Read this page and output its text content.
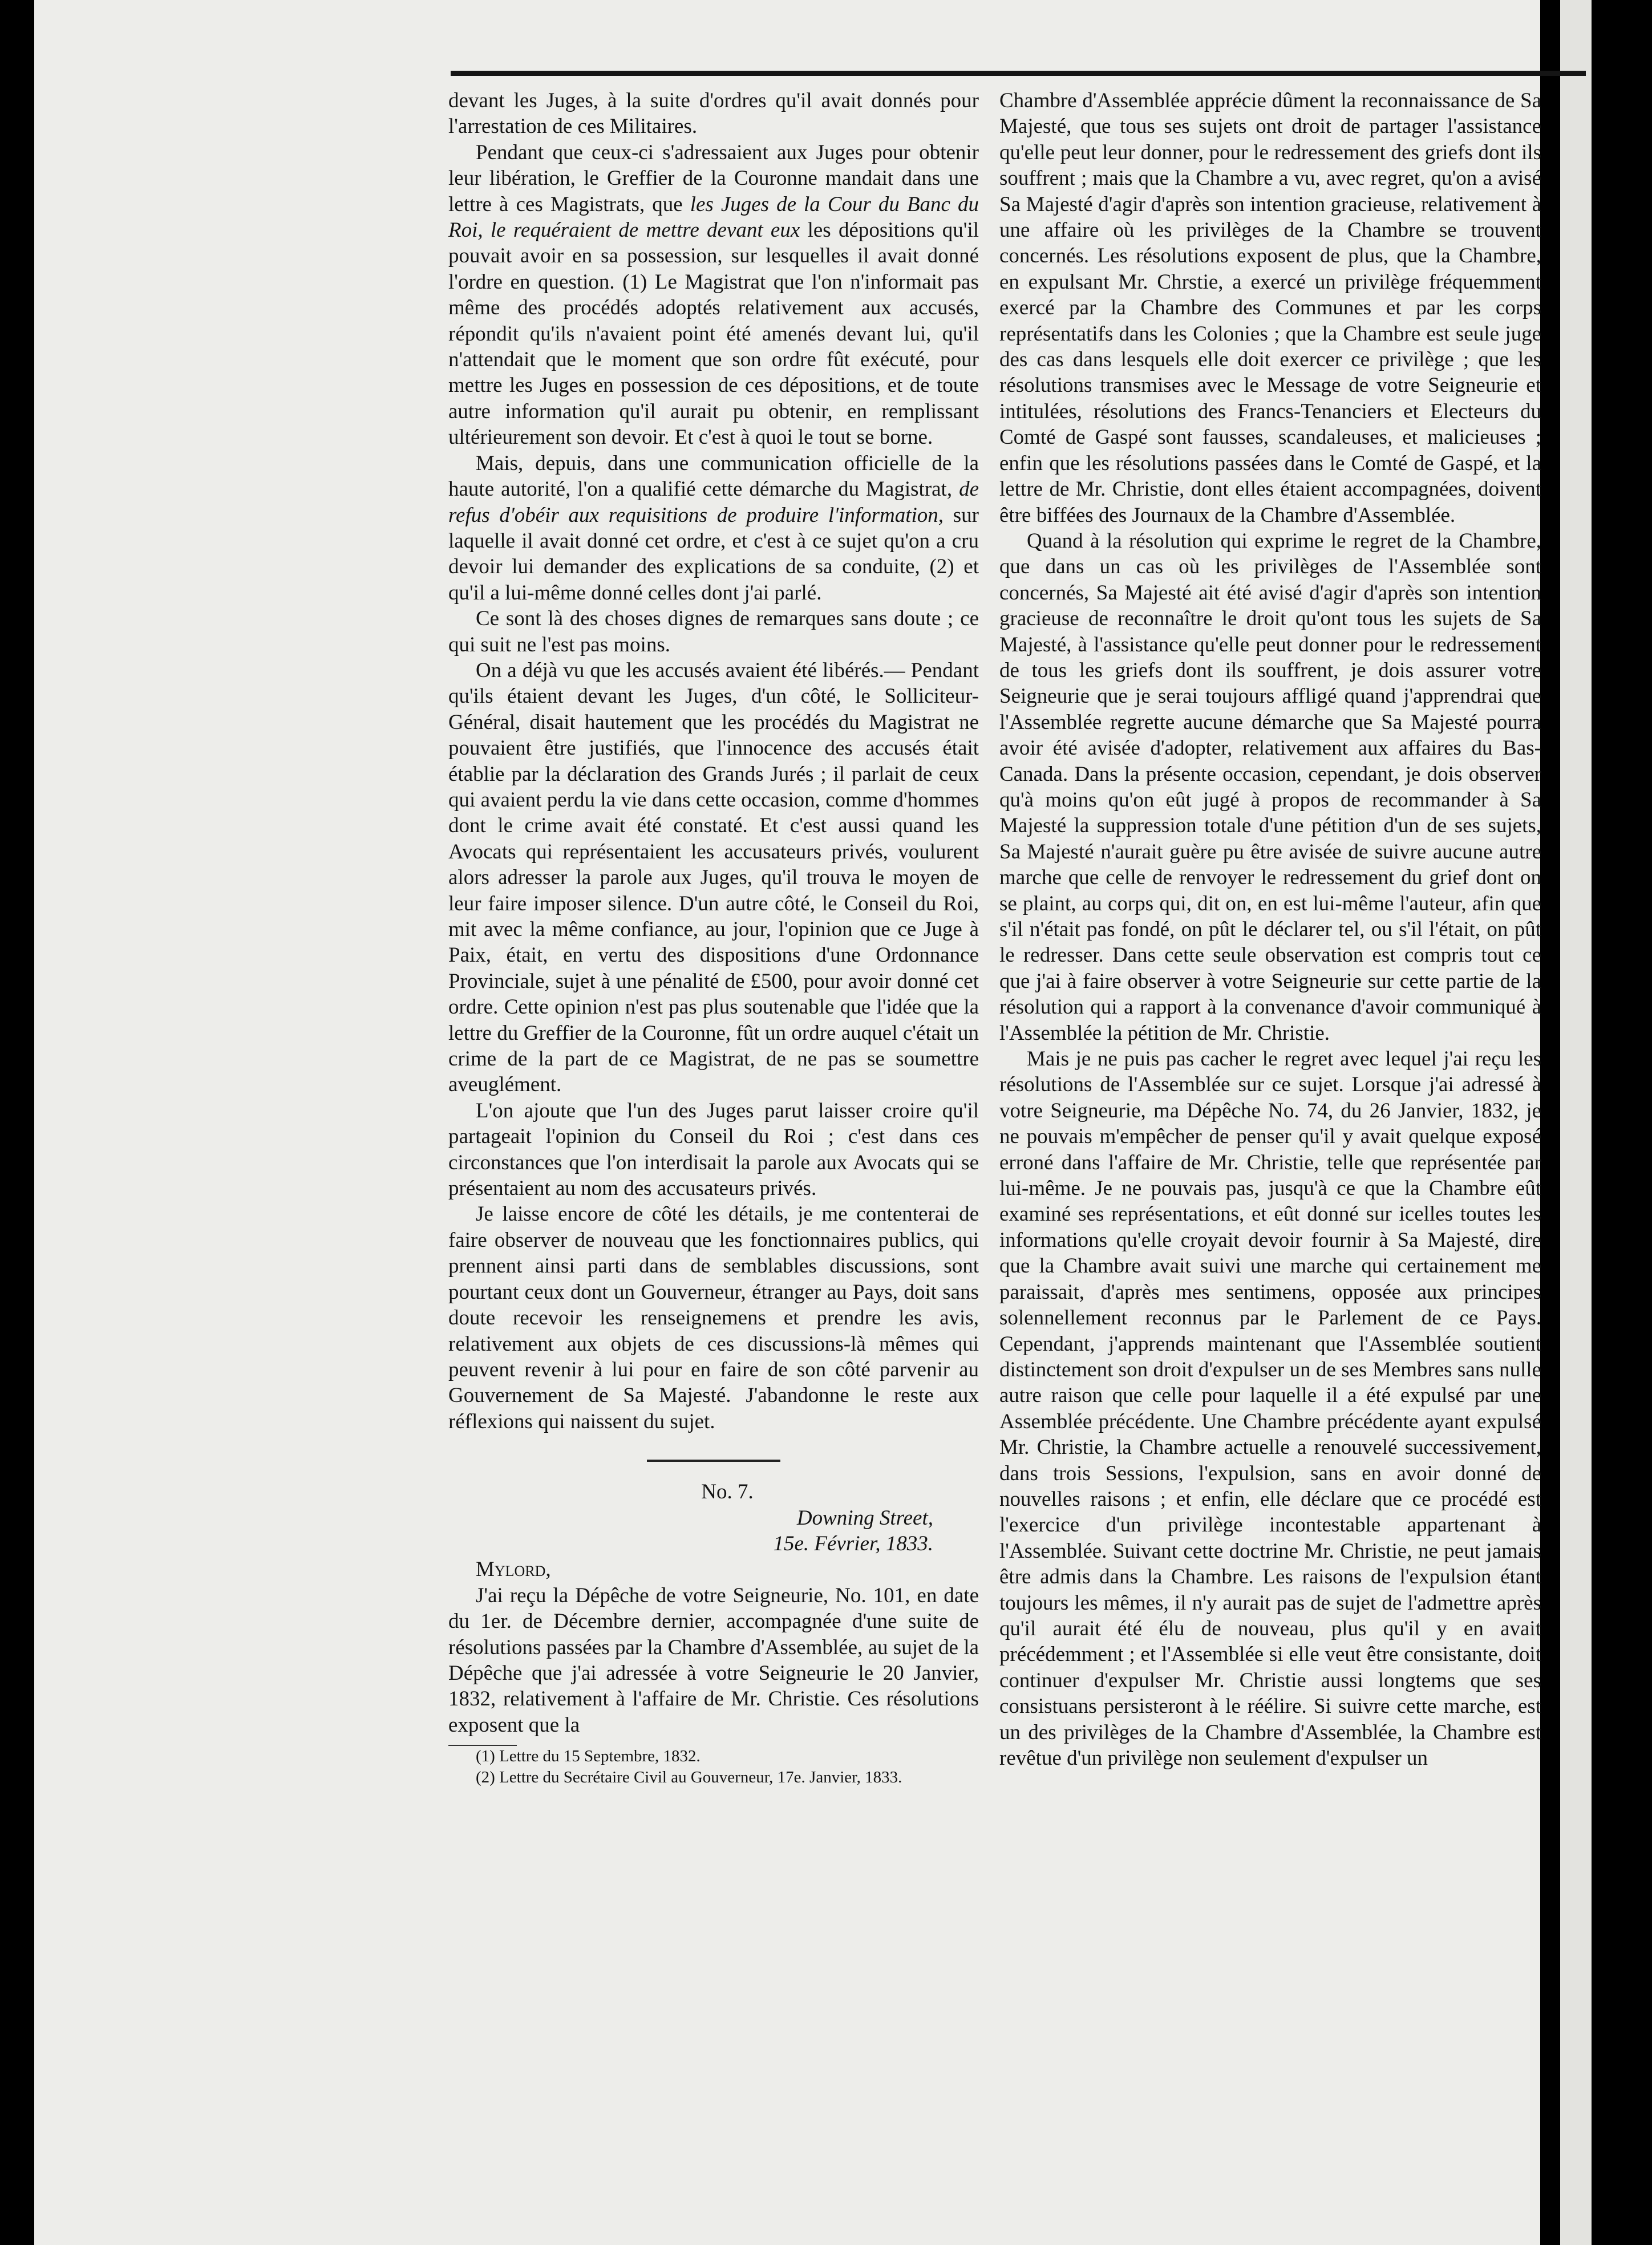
devant les Juges, à la suite d'ordres qu'il avait donnés pour l'arrestation de ces Militaires.

Pendant que ceux-ci s'adressaient aux Juges pour obtenir leur libération, le Greffier de la Couronne mandait dans une lettre à ces Magistrats, que les Juges de la Cour du Banc du Roi, le requéraient de mettre devant eux les dépositions qu'il pouvait avoir en sa possession, sur lesquelles il avait donné l'ordre en question. (1) Le Magistrat que l'on n'informait pas même des procédés adoptés relativement aux accusés, répondit qu'ils n'avaient point été amenés devant lui, qu'il n'attendait que le moment que son ordre fût exécuté, pour mettre les Juges en possession de ces dépositions, et de toute autre information qu'il aurait pu obtenir, en remplissant ultérieurement son devoir. Et c'est à quoi le tout se borne.

Mais, depuis, dans une communication officielle de la haute autorité, l'on a qualifié cette démarche du Magistrat, de refus d'obéir aux requisitions de produire l'information, sur laquelle il avait donné cet ordre, et c'est à ce sujet qu'on a cru devoir lui demander des explications de sa conduite, (2) et qu'il a lui-même donné celles dont j'ai parlé.

Ce sont là des choses dignes de remarques sans doute ; ce qui suit ne l'est pas moins.

On a déjà vu que les accusés avaient été libérés.— Pendant qu'ils étaient devant les Juges, d'un côté, le Solliciteur-Général, disait hautement que les procédés du Magistrat ne pouvaient être justifiés, que l'innocence des accusés était établie par la déclaration des Grands Jurés ; il parlait de ceux qui avaient perdu la vie dans cette occasion, comme d'hommes dont le crime avait été constaté. Et c'est aussi quand les Avocats qui représentaient les accusateurs privés, voulurent alors adresser la parole aux Juges, qu'il trouva le moyen de leur faire imposer silence. D'un autre côté, le Conseil du Roi, mit avec la même confiance, au jour, l'opinion que ce Juge à Paix, était, en vertu des dispositions d'une Ordonnance Provinciale, sujet à une pénalité de £500, pour avoir donné cet ordre. Cette opinion n'est pas plus soutenable que l'idée que la lettre du Greffier de la Couronne, fût un ordre auquel c'était un crime de la part de ce Magistrat, de ne pas se soumettre aveuglément.

L'on ajoute que l'un des Juges parut laisser croire qu'il partageait l'opinion du Conseil du Roi ; c'est dans ces circonstances que l'on interdisait la parole aux Avocats qui se présentaient au nom des accusateurs privés.

Je laisse encore de côté les détails, je me contenterai de faire observer de nouveau que les fonctionnaires publics, qui prennent ainsi parti dans de semblables discussions, sont pourtant ceux dont un Gouverneur, étranger au Pays, doit sans doute recevoir les renseignemens et prendre les avis, relativement aux objets de ces discussions-là mêmes qui peuvent revenir à lui pour en faire de son côté parvenir au Gouvernement de Sa Majesté. J'abandonne le reste aux réflexions qui naissent du sujet.

No. 7.

Downing Street,

15e. Février, 1833.

Mylord,

J'ai reçu la Dépêche de votre Seigneurie, No. 101, en date du 1er. de Décembre dernier, accompagnée d'une suite de résolutions passées par la Chambre d'Assemblée, au sujet de la Dépêche que j'ai adressée à votre Seigneurie le 20 Janvier, 1832, relativement à l'affaire de Mr. Christie. Ces résolutions exposent que la

(1) Lettre du 15 Septembre, 1832.

(2) Lettre du Secrétaire Civil au Gouverneur, 17e. Janvier, 1833.

Chambre d'Assemblée apprécie dûment la reconnaissance de Sa Majesté, que tous ses sujets ont droit de partager l'assistance qu'elle peut leur donner, pour le redressement des griefs dont ils souffrent ; mais que la Chambre a vu, avec regret, qu'on a avisé Sa Majesté d'agir d'après son intention gracieuse, relativement à une affaire où les privilèges de la Chambre se trouvent concernés. Les résolutions exposent de plus, que la Chambre, en expulsant Mr. Chrstie, a exercé un privilège fréquemment exercé par la Chambre des Communes et par les corps représentatifs dans les Colonies ; que la Chambre est seule juge des cas dans lesquels elle doit exercer ce privilège ; que les résolutions transmises avec le Message de votre Seigneurie et intitulées, résolutions des Francs-Tenanciers et Electeurs du Comté de Gaspé sont fausses, scandaleuses, et malicieuses ; enfin que les résolutions passées dans le Comté de Gaspé, et la lettre de Mr. Christie, dont elles étaient accompagnées, doivent être biffées des Journaux de la Chambre d'Assemblée.

Quand à la résolution qui exprime le regret de la Chambre, que dans un cas où les privilèges de l'Assemblée sont concernés, Sa Majesté ait été avisé d'agir d'après son intention gracieuse de reconnaître le droit qu'ont tous les sujets de Sa Majesté, à l'assistance qu'elle peut donner pour le redressement de tous les griefs dont ils souffrent, je dois assurer votre Seigneurie que je serai toujours affligé quand j'apprendrai que l'Assemblée regrette aucune démarche que Sa Majesté pourra avoir été avisée d'adopter, relativement aux affaires du Bas-Canada. Dans la présente occasion, cependant, je dois observer qu'à moins qu'on eût jugé à propos de recommander à Sa Majesté la suppression totale d'une pétition d'un de ses sujets, Sa Majesté n'aurait guère pu être avisée de suivre aucune autre marche que celle de renvoyer le redressement du grief dont on se plaint, au corps qui, dit on, en est lui-même l'auteur, afin que s'il n'était pas fondé, on pût le déclarer tel, ou s'il l'était, on pût le redresser. Dans cette seule observation est compris tout ce que j'ai à faire observer à votre Seigneurie sur cette partie de la résolution qui a rapport à la convenance d'avoir communiqué à l'Assemblée la pétition de Mr. Christie.

Mais je ne puis pas cacher le regret avec lequel j'ai reçu les résolutions de l'Assemblée sur ce sujet. Lorsque j'ai adressé à votre Seigneurie, ma Dépêche No. 74, du 26 Janvier, 1832, je ne pouvais m'empêcher de penser qu'il y avait quelque exposé erroné dans l'affaire de Mr. Christie, telle que représentée par lui-même. Je ne pouvais pas, jusqu'à ce que la Chambre eût examiné ses représentations, et eût donné sur icelles toutes les informations qu'elle croyait devoir fournir à Sa Majesté, dire que la Chambre avait suivi une marche qui certainement me paraissait, d'après mes sentimens, opposée aux principes solennellement reconnus par le Parlement de ce Pays. Cependant, j'apprends maintenant que l'Assemblée soutient distinctement son droit d'expulser un de ses Membres sans nulle autre raison que celle pour laquelle il a été expulsé par une Assemblée précédente. Une Chambre précédente ayant expulsé Mr. Christie, la Chambre actuelle a renouvelé successivement, dans trois Sessions, l'expulsion, sans en avoir donné de nouvelles raisons ; et enfin, elle déclare que ce procédé est l'exercice d'un privilège incontestable appartenant à l'Assemblée. Suivant cette doctrine Mr. Christie, ne peut jamais être admis dans la Chambre. Les raisons de l'expulsion étant toujours les mêmes, il n'y aurait pas de sujet de l'admettre après qu'il aurait été élu de nouveau, plus qu'il y en avait précédemment ; et l'Assemblée si elle veut être consistante, doit continuer d'expulser Mr. Christie aussi longtems que ses consistuans persisteront à le réélire. Si suivre cette marche, est un des privilèges de la Chambre d'Assemblée, la Chambre est revêtue d'un privilège non seulement d'expulser un
